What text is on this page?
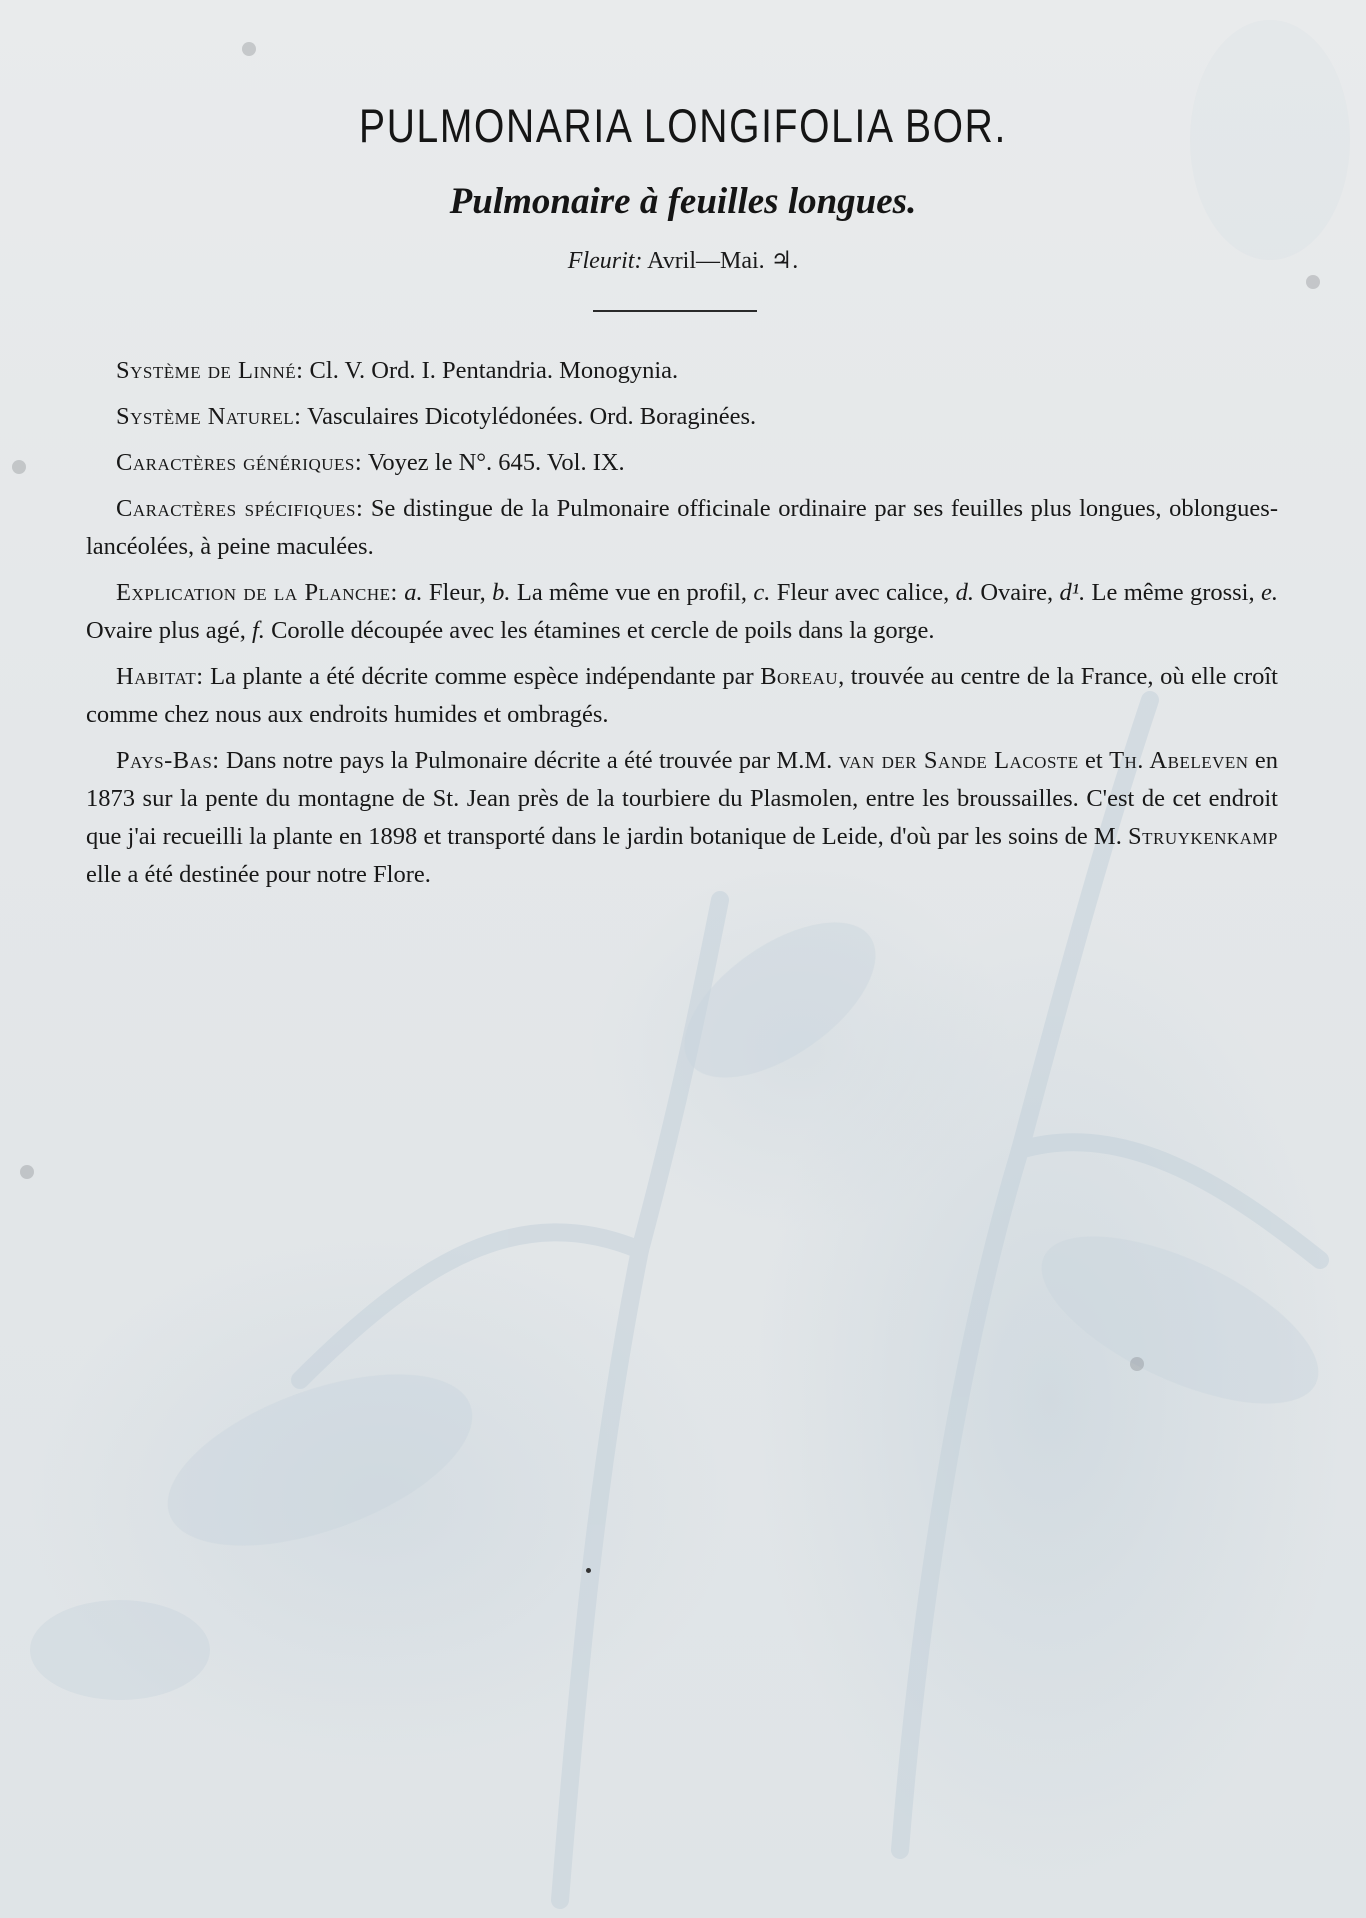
PULMONARIA LONGIFOLIA BOR.
Pulmonaire à feuilles longues.
Fleurit: Avril—Mai. ♃.

Système de Linné: Cl. V. Ord. I. Pentandria. Monogynia.

Système Naturel: Vasculaires Dicotylédonées. Ord. Boraginées.

Caractères génériques: Voyez le N°. 645. Vol. IX.

Caractères spécifiques: Se distingue de la Pulmonaire officinale ordinaire par ses feuilles plus longues, oblongues-lancéolées, à peine maculées.

Explication de la Planche: a. Fleur, b. La même vue en profil, c. Fleur avec calice, d. Ovaire, d¹. Le même grossi, e. Ovaire plus agé, f. Corolle découpée avec les étamines et cercle de poils dans la gorge.

Habitat: La plante a été décrite comme espèce indépendante par Boreau, trouvée au centre de la France, où elle croît comme chez nous aux endroits humides et ombragés.

Pays-Bas: Dans notre pays la Pulmonaire décrite a été trouvée par M.M. van der Sande Lacoste et Th. Abeleven en 1873 sur la pente du montagne de St. Jean près de la tourbiere du Plasmolen, entre les broussailles. C'est de cet endroit que j'ai recueilli la plante en 1898 et transporté dans le jardin botanique de Leide, d'où par les soins de M. Struykenkamp elle a été destinée pour notre Flore.
